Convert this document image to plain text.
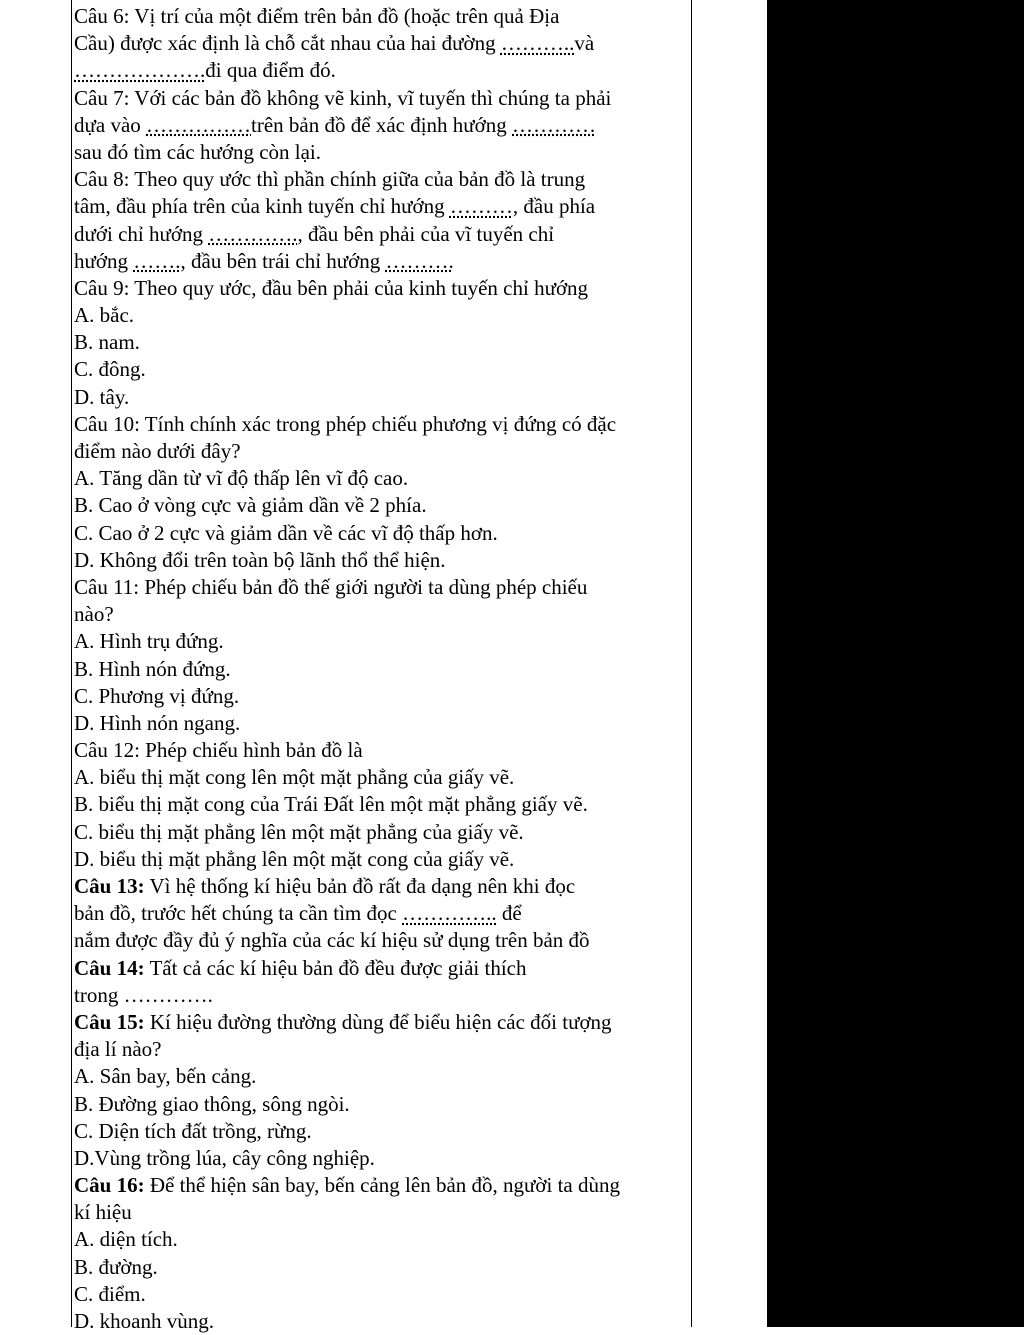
Câu 6: Vị trí của một điểm trên bản đồ (hoặc trên quả Địa
Cầu) được xác định là chỗ cắt nhau của hai đường ………..và
……………….đi qua điểm đó.
Câu 7: Với các bản đồ không vẽ kinh, vĩ tuyến thì chúng ta phải
dựa vào ……………trên bản đồ để xác định hướng …………
sau đó tìm các hướng còn lại.
Câu 8: Theo quy ước thì phần chính giữa của bản đồ là trung
tâm, đầu phía trên của kinh tuyến chỉ hướng ………, đầu phía
dưới chỉ hướng …………., đầu bên phải của vĩ tuyến chỉ
hướng ……., đầu bên trái chỉ hướng ……….
Câu 9: Theo quy ước, đầu bên phải của kinh tuyến chỉ hướng
A. bắc.
B. nam.
C. đông.
D. tây.
Câu 10: Tính chính xác trong phép chiếu phương vị đứng có đặc
điểm nào dưới đây?
A. Tăng dần từ vĩ độ thấp lên vĩ độ cao.
B. Cao ở vòng cực và giảm dần về 2 phía.
C. Cao ở 2 cực và giảm dần về các vĩ độ thấp hơn.
D. Không đổi trên toàn bộ lãnh thổ thể hiện.
Câu 11: Phép chiếu bản đồ thế giới người ta dùng phép chiếu
nào?
A. Hình trụ đứng.
B. Hình nón đứng.
C. Phương vị đứng.
D. Hình nón ngang.
Câu 12: Phép chiếu hình bản đồ là
A. biểu thị mặt cong lên một mặt phẳng của giấy vẽ.
B. biểu thị mặt cong của Trái Đất lên một mặt phẳng giấy vẽ.
C. biểu thị mặt phẳng lên một mặt phẳng của giấy vẽ.
D. biểu thị mặt phẳng lên một mặt cong của giấy vẽ.
Câu 13: Vì hệ thống kí hiệu bản đồ rất đa dạng nên khi đọc
bản đồ, trước hết chúng ta cần tìm đọc ………….. để
nắm được đầy đủ ý nghĩa của các kí hiệu sử dụng trên bản đồ
Câu 14: Tất cả các kí hiệu bản đồ đều được giải thích
trong ………….
Câu 15: Kí hiệu đường thường dùng để biểu hiện các đối tượng
địa lí nào?
A. Sân bay, bến cảng.
B. Đường giao thông, sông ngòi.
C. Diện tích đất trồng, rừng.
D.Vùng trồng lúa, cây công nghiệp.
Câu 16: Để thể hiện sân bay, bến cảng lên bản đồ, người ta dùng
kí hiệu
A. diện tích.
B. đường.
C. điểm.
D. khoanh vùng.
